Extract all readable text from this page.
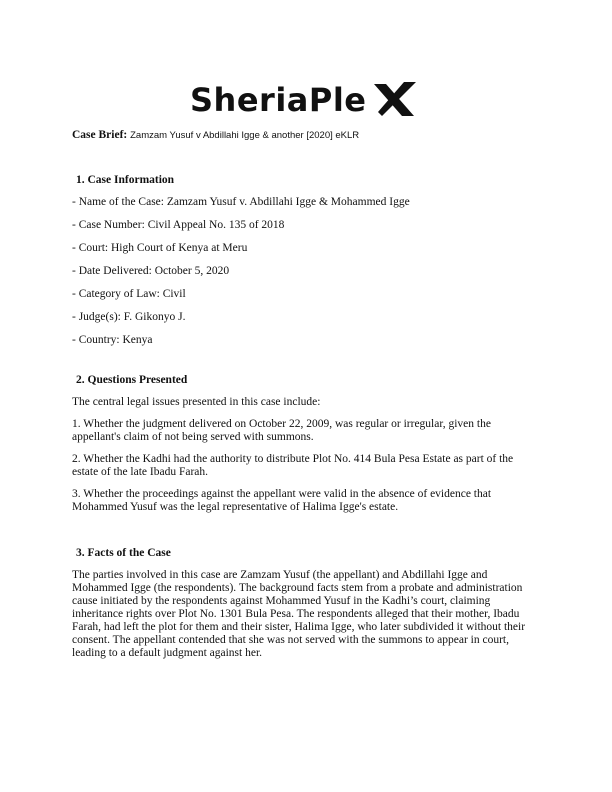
SheriaPle
Case Brief: Zamzam Yusuf v Abdillahi Igge & another [2020] eKLR
1. Case Information
- Name of the Case: Zamzam Yusuf v. Abdillahi Igge & Mohammed Igge
- Case Number: Civil Appeal No. 135 of 2018
- Court: High Court of Kenya at Meru
- Date Delivered: October 5, 2020
- Category of Law: Civil
- Judge(s): F. Gikonyo J.
- Country: Kenya
2. Questions Presented
The central legal issues presented in this case include:
1. Whether the judgment delivered on October 22, 2009, was regular or irregular, given the appellant's claim of not being served with summons.
2. Whether the Kadhi had the authority to distribute Plot No. 414 Bula Pesa Estate as part of the estate of the late Ibadu Farah.
3. Whether the proceedings against the appellant were valid in the absence of evidence that Mohammed Yusuf was the legal representative of Halima Igge's estate.
3. Facts of the Case
The parties involved in this case are Zamzam Yusuf (the appellant) and Abdillahi Igge and Mohammed Igge (the respondents). The background facts stem from a probate and administration cause initiated by the respondents against Mohammed Yusuf in the Kadhi’s court, claiming inheritance rights over Plot No. 1301 Bula Pesa. The respondents alleged that their mother, Ibadu Farah, had left the plot for them and their sister, Halima Igge, who later subdivided it without their consent. The appellant contended that she was not served with the summons to appear in court, leading to a default judgment against her.
